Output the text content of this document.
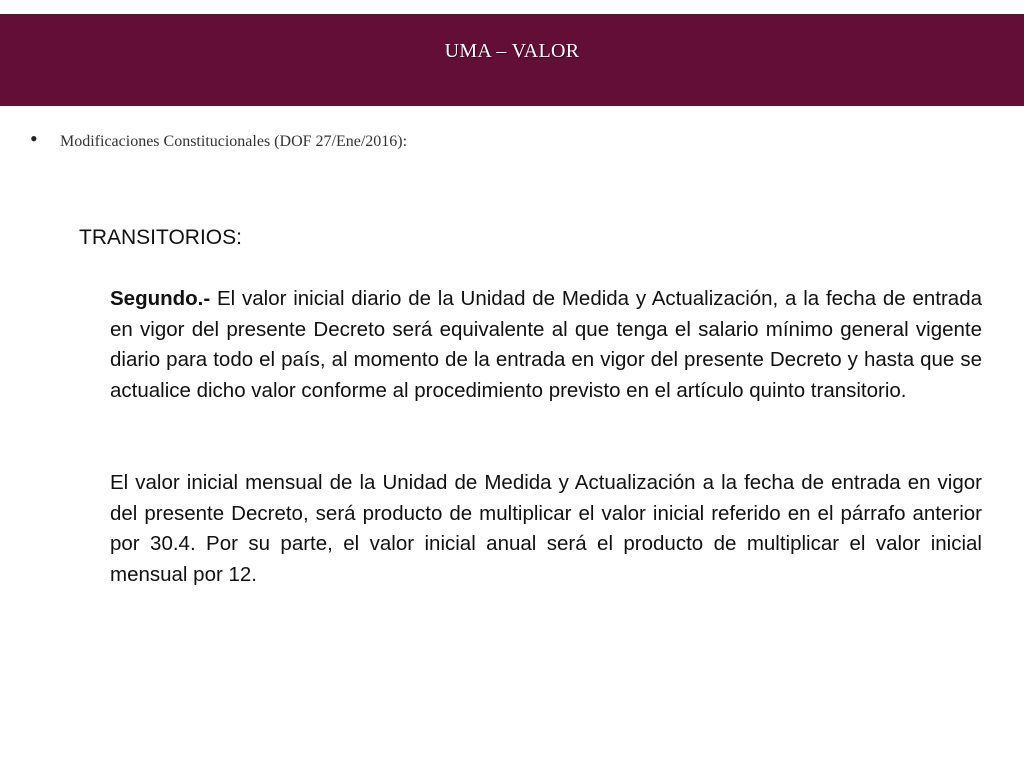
UMA – VALOR
•	Modificaciones Constitucionales (DOF 27/Ene/2016):
TRANSITORIOS:
Segundo.- El valor inicial diario de la Unidad de Medida y Actualización, a la fecha de entrada en vigor del presente Decreto será equivalente al que tenga el salario mínimo general vigente diario para todo el país, al momento de la entrada en vigor del presente Decreto y hasta que se actualice dicho valor conforme al procedimiento previsto en el artículo quinto transitorio.
El valor inicial mensual de la Unidad de Medida y Actualización a la fecha de entrada en vigor del presente Decreto, será producto de multiplicar el valor inicial referido en el párrafo anterior por 30.4. Por su parte, el valor inicial anual será el producto de multiplicar el valor inicial mensual por 12.
